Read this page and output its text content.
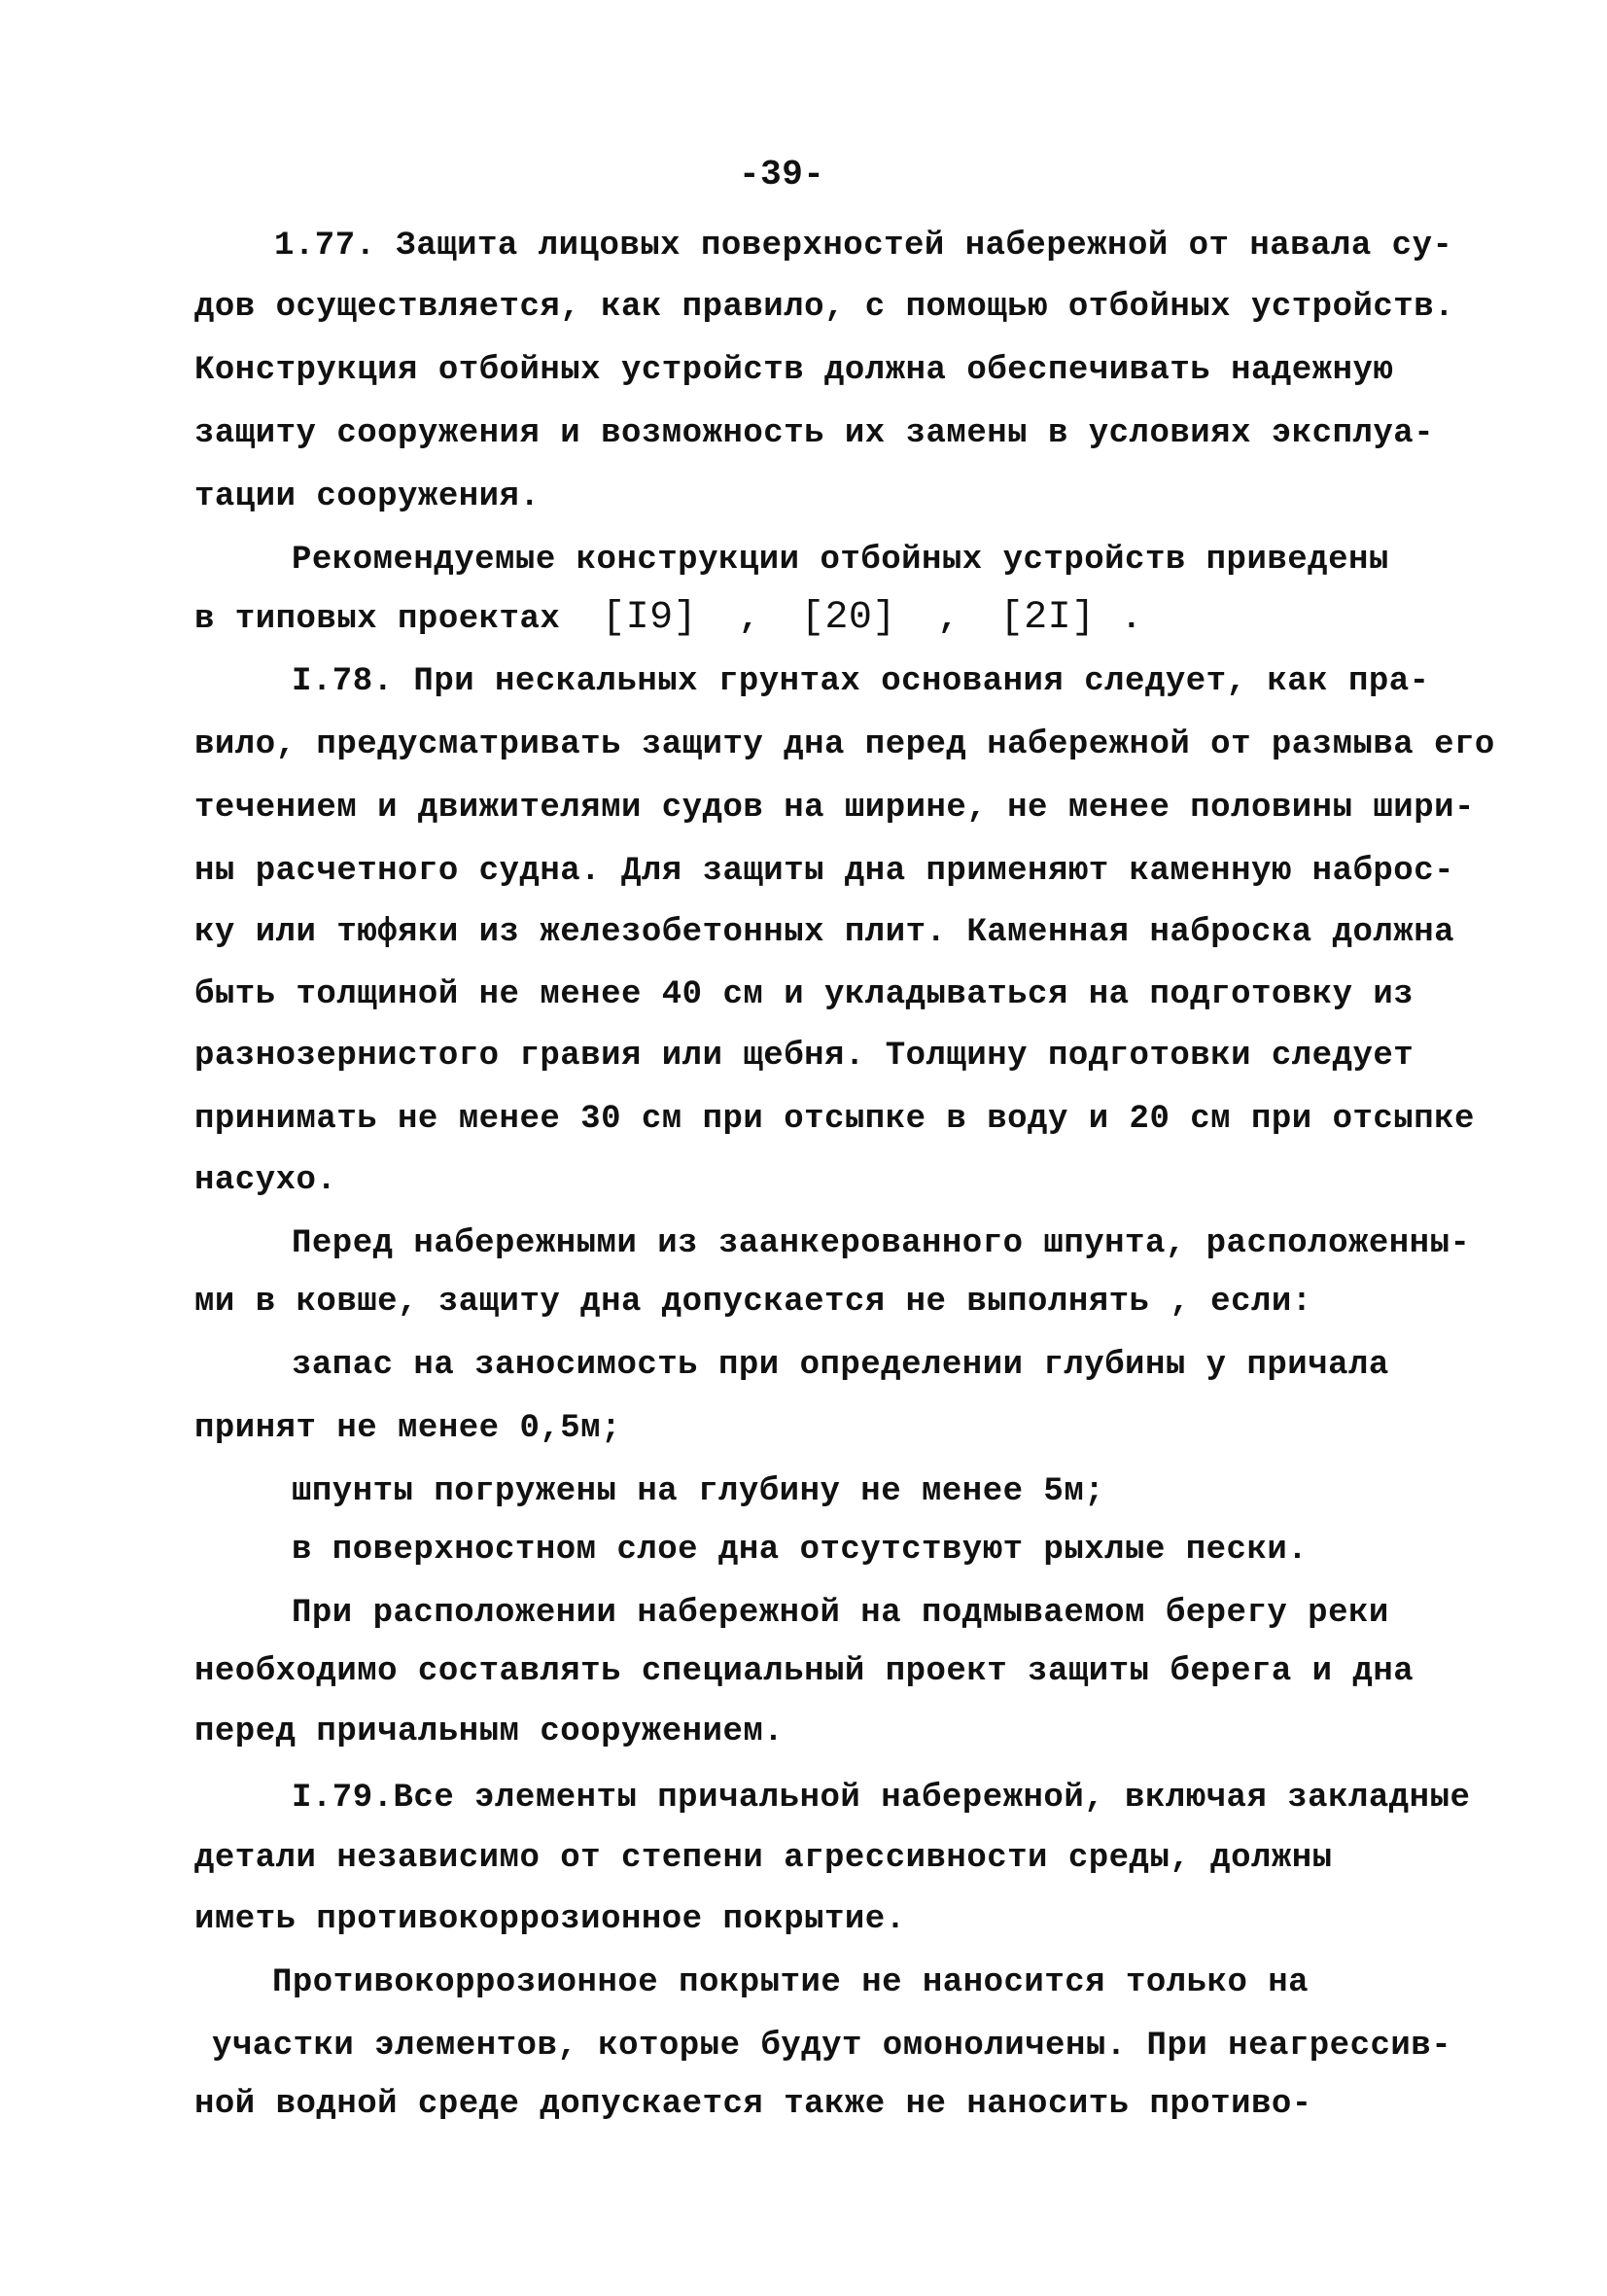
-39-
1.77. Защита лицовых поверхностей набережной от навала су-
дов осуществляется, как правило, с помощью отбойных устройств.
Конструкция отбойных устройств должна обеспечивать надежную
защиту сооружения и возможность их замены в условиях эксплуа-
тации сооружения.
Рекомендуемые конструкции отбойных устройств приведены
в типовых проектах [I9] , [20] , [2I] .
I.78. При нескальных грунтах основания следует, как пра-
вило, предусматривать защиту дна перед набережной от размыва его
течением и движителями судов на ширине, не менее половины шири-
ны расчетного судна. Для защиты дна применяют каменную наброс-
ку или тюфяки из железобетонных плит. Каменная наброска должна
быть толщиной не менее 40 см и укладываться на подготовку из
разнозернистого гравия или щебня. Толщину подготовки следует
принимать не менее 30 см при отсыпке в воду и 20 см при отсыпке
насухо.
Перед набережными из заанкерованного шпунта, расположенны-
ми в ковше, защиту дна допускается не выполнять , если:
запас на заносимость при определении глубины у причала
принят не менее 0,5м;
шпунты погружены на глубину не менее 5м;
в поверхностном слое дна отсутствуют рыхлые пески.
При расположении набережной на подмываемом берегу реки
необходимо составлять специальный проект защиты берега и дна
перед причальным сооружением.
I.79.Все элементы причальной набережной, включая закладные
детали независимо от степени агрессивности среды, должны
иметь противокоррозионное покрытие.
Противокоррозионное покрытие не наносится только на
участки элементов, которые будут омоноличены. При неагрессив-
ной водной среде допускается также не наносить противо-
